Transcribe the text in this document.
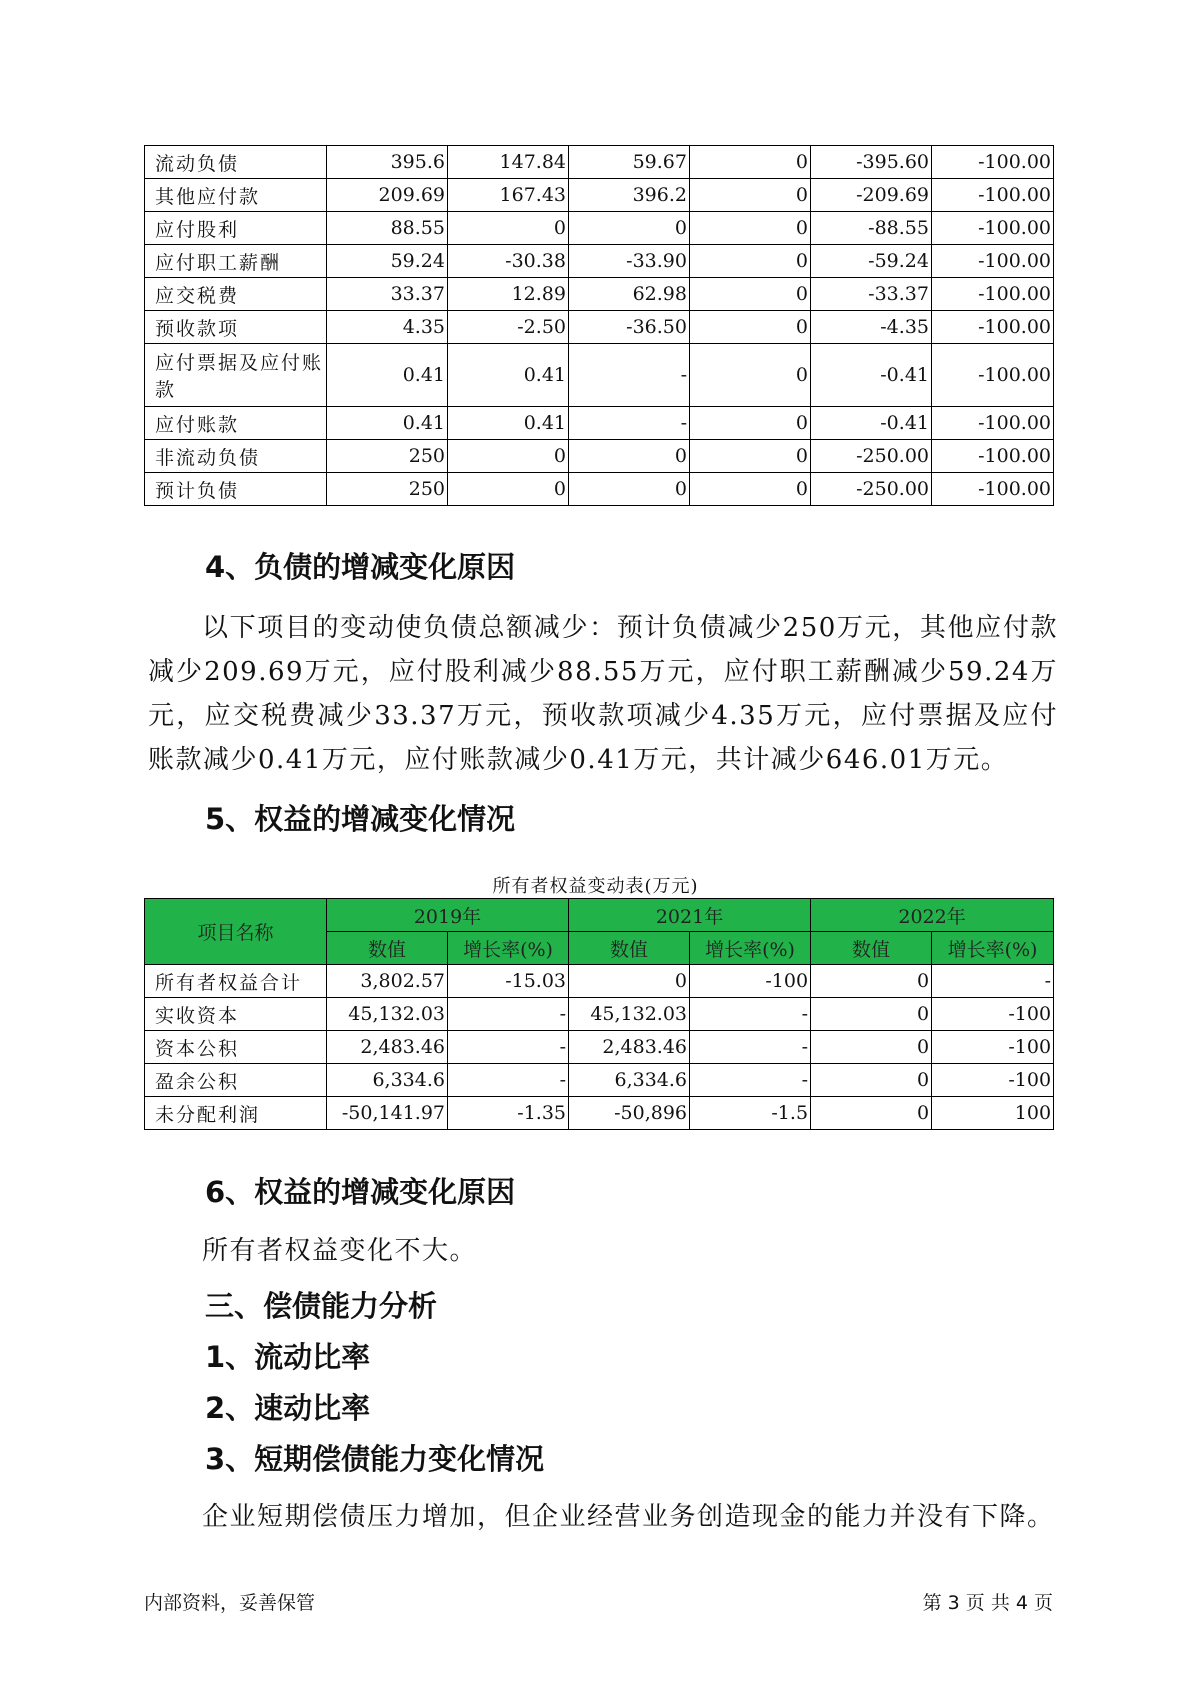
流动负债	395.6	147.84	59.67	0	-395.60	-100.00
其他应付款	209.69	167.43	396.2	0	-209.69	-100.00
应付股利	88.55	0	0	0	-88.55	-100.00
应付职工薪酬	59.24	-30.38	-33.90	0	-59.24	-100.00
应交税费	33.37	12.89	62.98	0	-33.37	-100.00
预收款项	4.35	-2.50	-36.50	0	-4.35	-100.00
应付票据及应付账款	0.41	0.41	-	0	-0.41	-100.00
应付账款	0.41	0.41	-	0	-0.41	-100.00
非流动负债	250	0	0	0	-250.00	-100.00
预计负债	250	0	0	0	-250.00	-100.00
4、负债的增减变化原因

以下项目的变动使负债总额减少：预计负债减少250万元，其他应付款减少209.69万元，应付股利减少88.55万元，应付职工薪酬减少59.24万元，应交税费减少33.37万元，预收款项减少4.35万元，应付票据及应付账款减少0.41万元，应付账款减少0.41万元，共计减少646.01万元。

5、权益的增减变化情况
所有者权益变动表(万元)
项目名称	2019年		2021年		2022年	
	数值	增长率(%)	数值	增长率(%)	数值	增长率(%)
所有者权益合计	3,802.57	-15.03	0	-100	0	-
实收资本	45,132.03	-	45,132.03	-	0	-100
资本公积	2,483.46	-	2,483.46	-	0	-100
盈余公积	6,334.6	-	6,334.6	-	0	-100
未分配利润	-50,141.97	-1.35	-50,896	-1.5	0	100
6、权益的增减变化原因

所有者权益变化不大。

三、偿债能力分析
1、流动比率
2、速动比率
3、短期偿债能力变化情况

企业短期偿债压力增加，但企业经营业务创造现金的能力并没有下降。

内部资料，妥善保管	第 3 页 共 4 页
